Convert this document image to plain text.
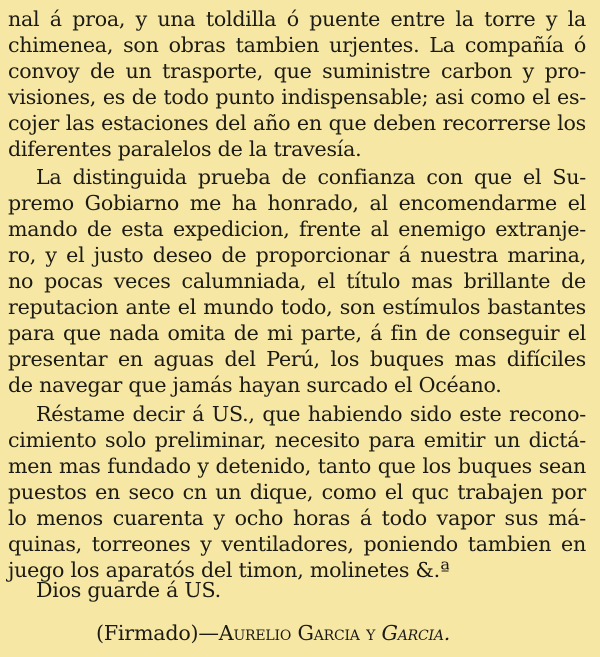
nal á proa, y una toldilla ó puente entre la torre y la
chimenea, son obras tambien urjentes. La compañía ó
convoy de un trasporte, que suministre carbon y pro-
visiones, es de todo punto indispensable; asi como el es-
cojer las estaciones del año en que deben recorrerse los
diferentes paralelos de la travesía.
La distinguida prueba de confianza con que el Su-
premo Gobiarno me ha honrado, al encomendarme el
mando de esta expedicion, frente al enemigo extranje-
ro, y el justo deseo de proporcionar á nuestra marina,
no pocas veces calumniada, el título mas brillante de
reputacion ante el mundo todo, son estímulos bastantes
para que nada omita de mi parte, á fin de conseguir el
presentar en aguas del Perú, los buques mas difíciles
de navegar que jamás hayan surcado el Océano.
Réstame decir á US., que habiendo sido este recono-
cimiento solo preliminar, necesito para emitir un dictá-
men mas fundado y detenido, tanto que los buques sean
puestos en seco cn un dique, como el quc trabajen por
lo menos cuarenta y ocho horas á todo vapor sus má-
quinas, torreones y ventiladores, poniendo tambien en
juego los aparatós del timon, molinetes &.ª
Dios guarde á US.
(Firmado)—Aurelio Garcia y Garcia.
